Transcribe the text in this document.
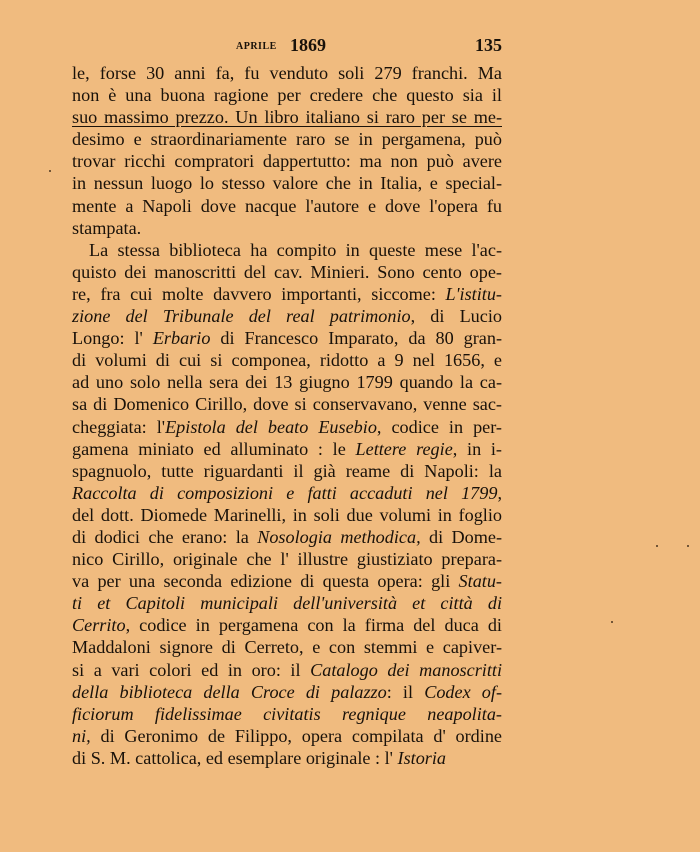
aprile 1869	135
le, forse 30 anni fa, fu venduto soli 279 franchi. Ma
non è una buona ragione per credere che questo sia il
suo massimo prezzo. Un libro italiano si raro per se me-
desimo e straordinariamente raro se in pergamena, può
trovar ricchi compratori dappertutto: ma non può avere
in nessun luogo lo stesso valore che in Italia, e special-
mente a Napoli dove nacque l'autore e dove l'opera fu
stampata.
La stessa biblioteca ha compito in queste mese l'ac-
quisto dei manoscritti del cav. Minieri. Sono cento ope-
re, fra cui molte davvero importanti, siccome: L'istitu-
zione del Tribunale del real patrimonio, di Lucio
Longo: l' Erbario di Francesco Imparato, da 80 gran-
di volumi di cui si componea, ridotto a 9 nel 1656, e
ad uno solo nella sera dei 13 giugno 1799 quando la ca-
sa di Domenico Cirillo, dove si conservavano, venne sac-
cheggiata: l'Epistola del beato Eusebio, codice in per-
gamena miniato ed alluminato : le Lettere regie, in i-
spagnuolo, tutte riguardanti il già reame di Napoli: la
Raccolta di composizioni e fatti accaduti nel 1799,
del dott. Diomede Marinelli, in soli due volumi in foglio
di dodici che erano: la Nosologia methodica, di Dome-
nico Cirillo, originale che l' illustre giustiziato prepara-
va per una seconda edizione di questa opera: gli Statu-
ti et Capitoli municipali dell'università et città di
Cerrito, codice in pergamena con la firma del duca di
Maddaloni signore di Cerreto, e con stemmi e capiver-
si a vari colori ed in oro: il Catalogo dei manoscritti
della biblioteca della Croce di palazzo: il Codex of-
ficiorum fidelissimae civitatis regnique neapolita-
ni, di Geronimo de Filippo, opera compilata d' ordine
di S. M. cattolica, ed esemplare originale : l' Istoria
